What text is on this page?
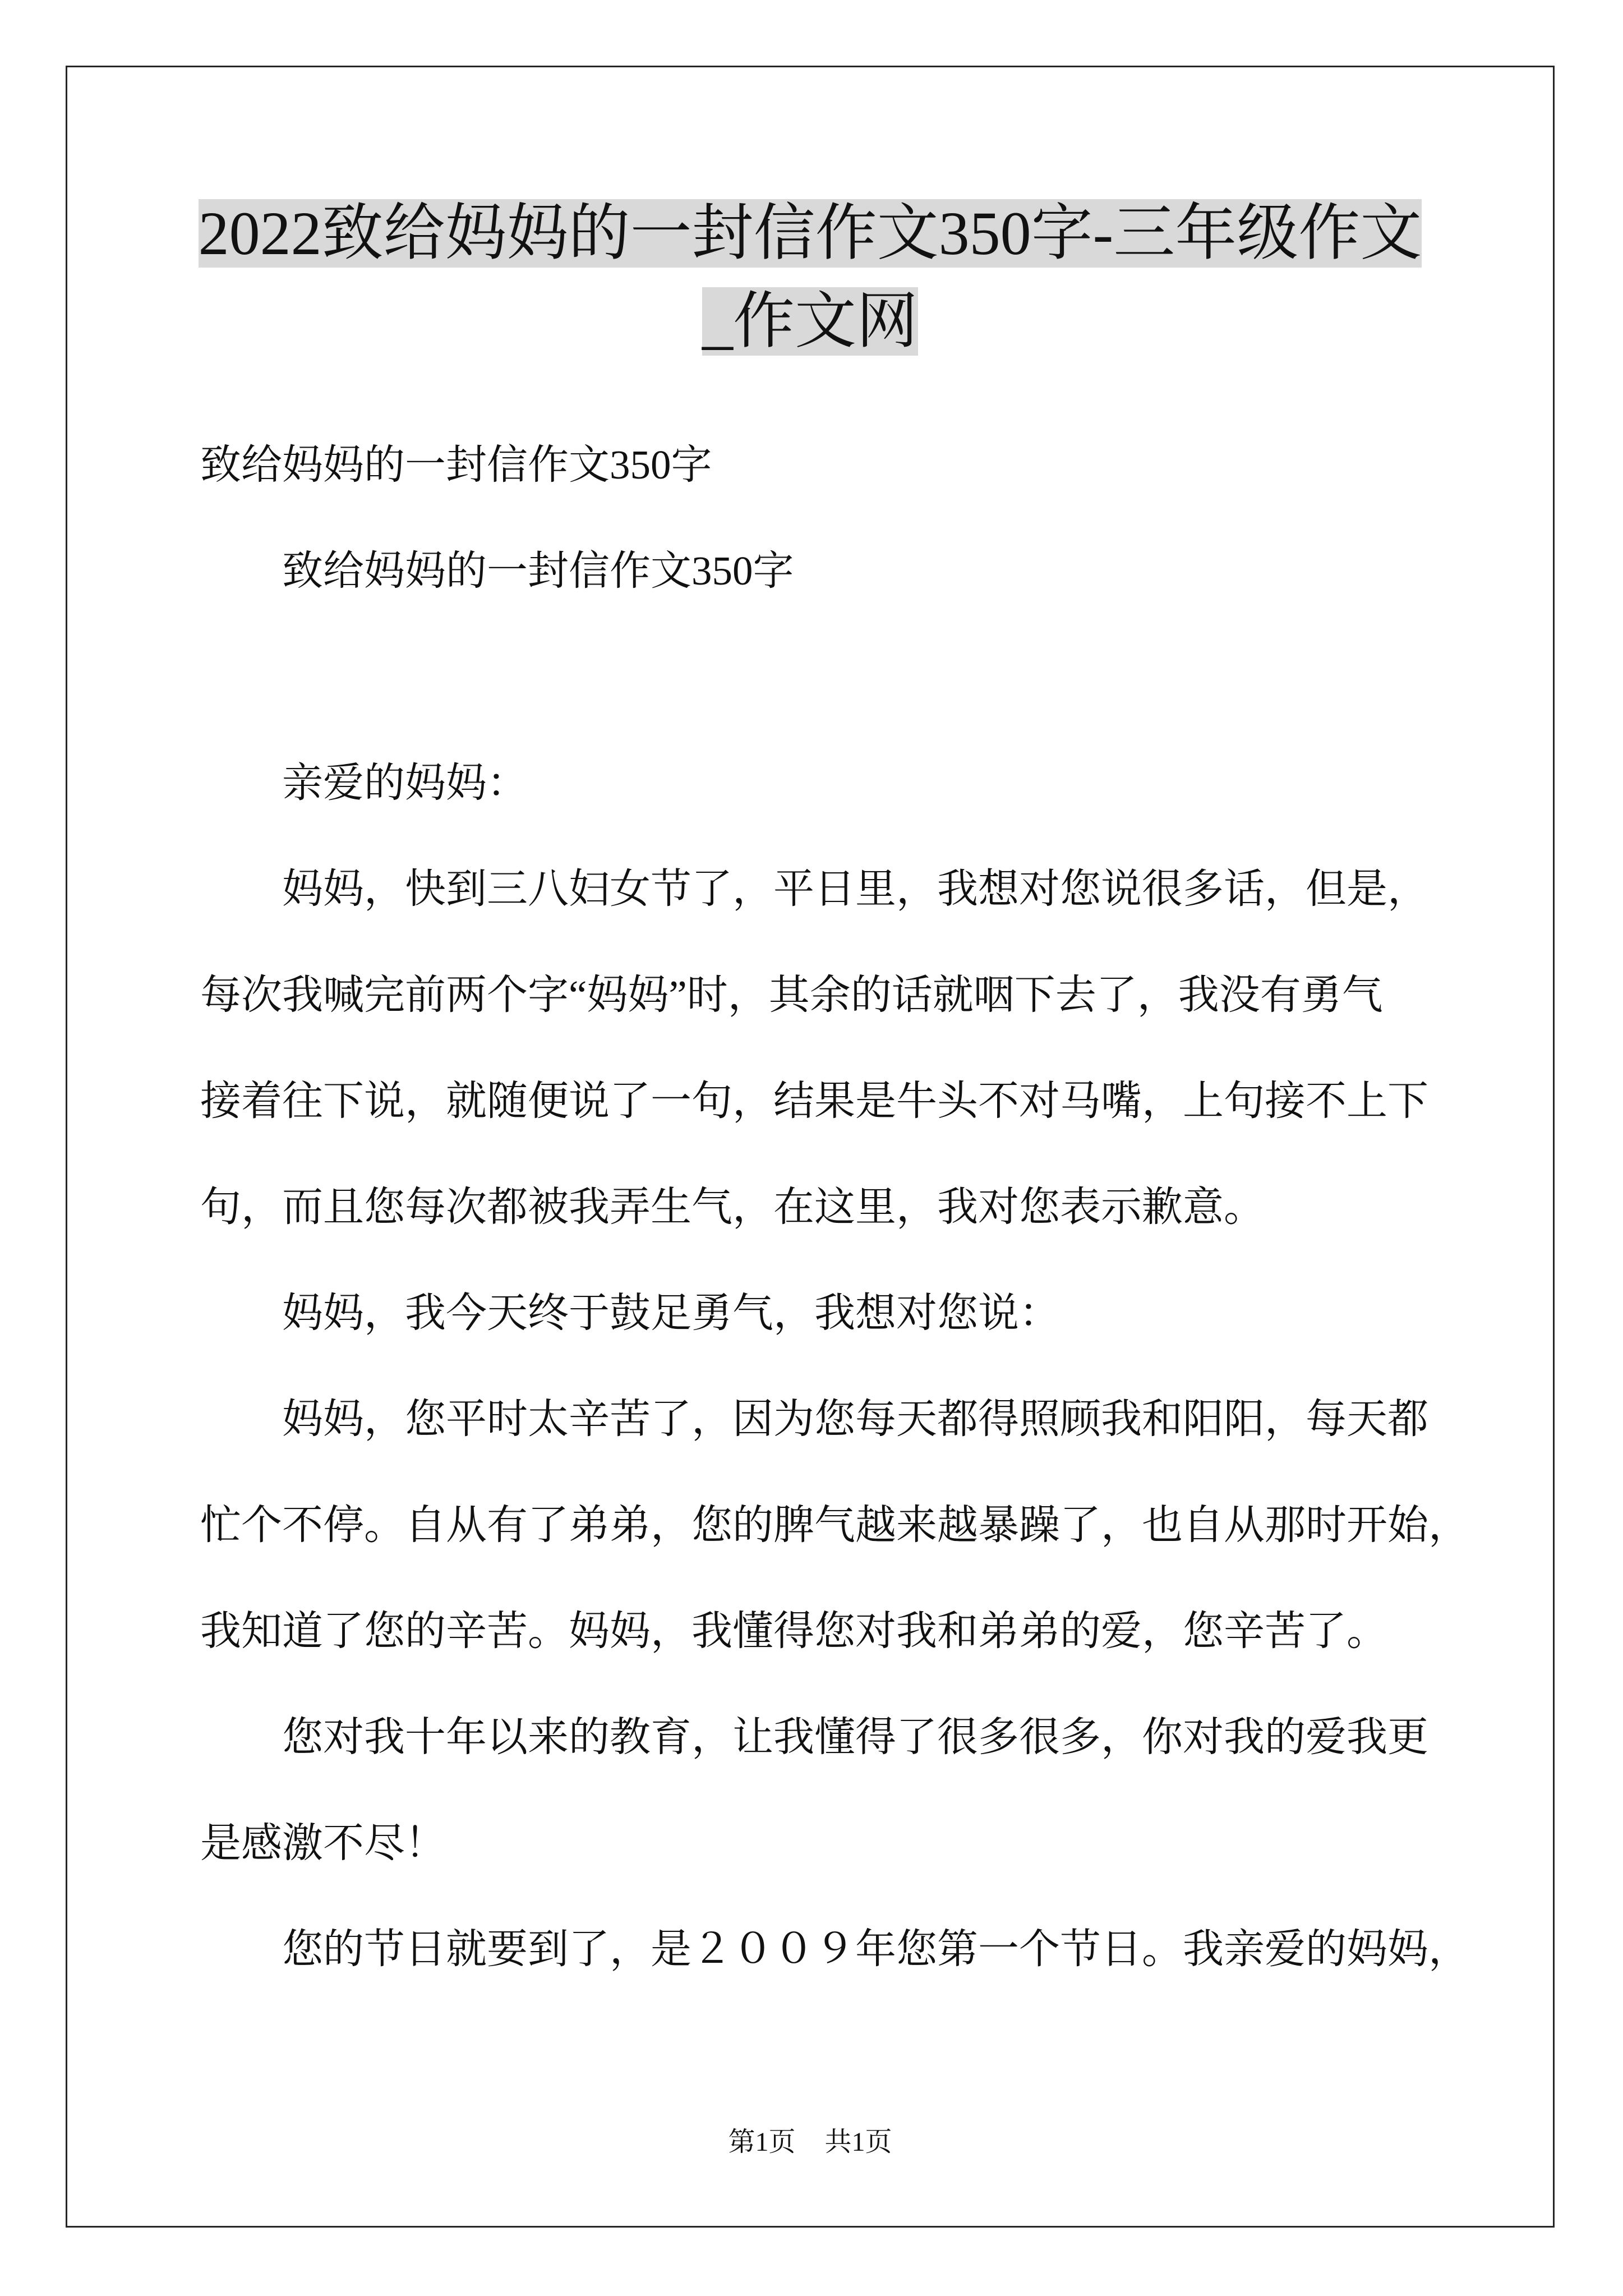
2022致给妈妈的一封信作文350字-三年级作文
_作文网
致给妈妈的一封信作文350字
致给妈妈的一封信作文350字
亲爱的妈妈：
妈妈，快到三八妇女节了，平日里，我想对您说很多话，但是，
每次我喊完前两个字“妈妈”时，其余的话就咽下去了，我没有勇气
接着往下说，就随便说了一句，结果是牛头不对马嘴，上句接不上下
句，而且您每次都被我弄生气，在这里，我对您表示歉意。
妈妈，我今天终于鼓足勇气，我想对您说：
妈妈，您平时太辛苦了，因为您每天都得照顾我和阳阳，每天都
忙个不停。自从有了弟弟，您的脾气越来越暴躁了，也自从那时开始，
我知道了您的辛苦。妈妈，我懂得您对我和弟弟的爱，您辛苦了。
您对我十年以来的教育，让我懂得了很多很多，你对我的爱我更
是感激不尽！
您的节日就要到了，是２００９年您第一个节日。我亲爱的妈妈，
第1页 共1页
